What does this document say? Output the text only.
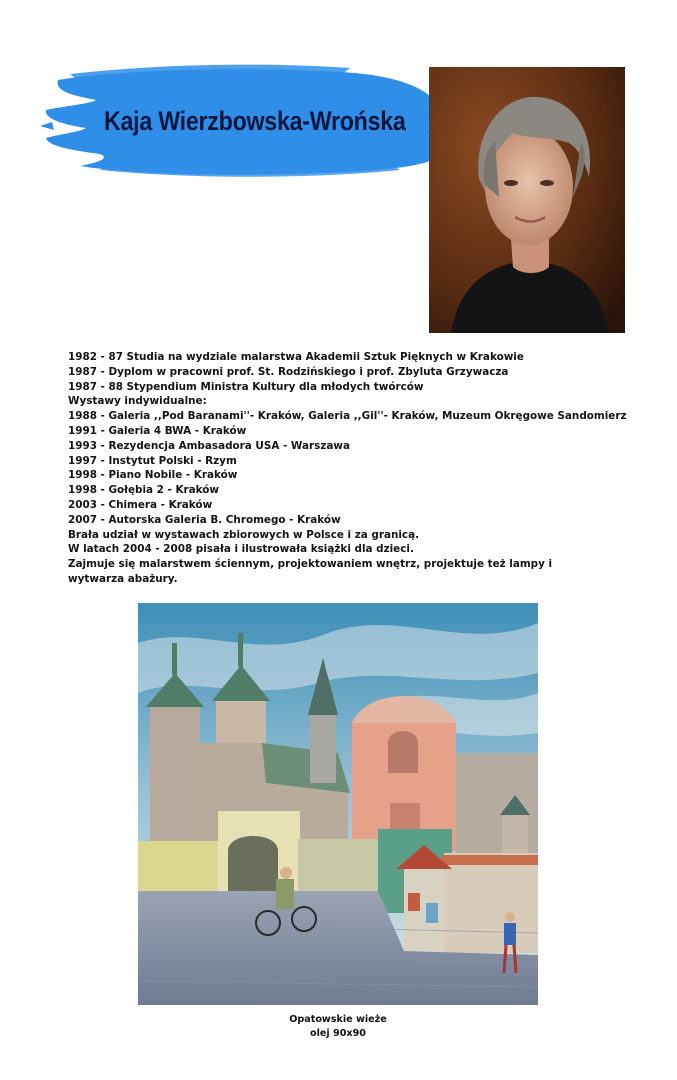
Kaja Wierzbowska-Wrońska
1982 - 87 Studia na wydziale malarstwa Akademii Sztuk Pięknych w Krakowie
1987 - Dyplom w pracowni prof. St. Rodzińskiego i prof. Zbyluta Grzywacza
1987 - 88 Stypendium Ministra Kultury dla młodych twórców
Wystawy indywidualne:
1988 - Galeria ,,Pod Baranami''- Kraków, Galeria ,,Gil''- Kraków, Muzeum Okręgowe Sandomierz
1991 - Galeria 4 BWA - Kraków
1993 - Rezydencja Ambasadora USA - Warszawa
1997 - Instytut Polski - Rzym
1998 - Piano Nobile - Kraków
1998 - Gołębia 2 - Kraków
2003 - Chimera - Kraków
2007 - Autorska Galeria B. Chromego - Kraków
Brała udział w wystawach zbiorowych w Polsce i za granicą.
W latach 2004 - 2008 pisała i ilustrowała książki dla dzieci.
Zajmuje się malarstwem ściennym, projektowaniem wnętrz, projektuje też lampy i wytwarza abażury.
Opatowskie wieże
olej 90x90
